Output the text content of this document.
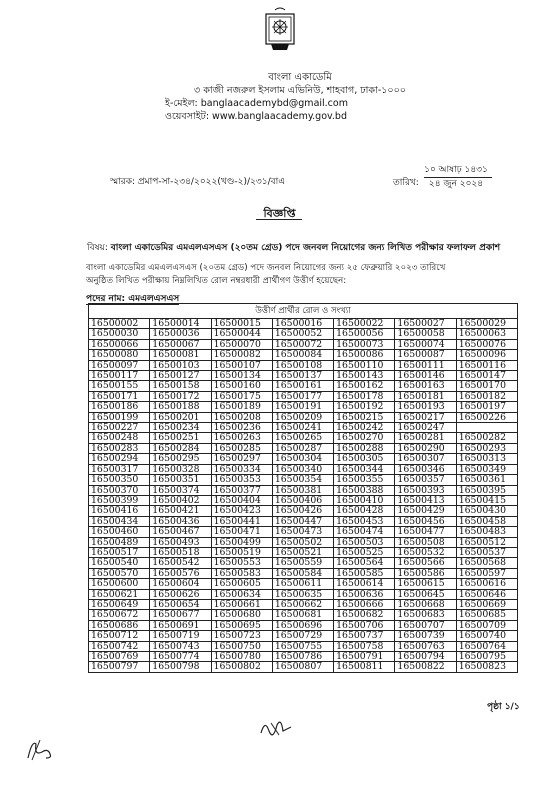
বাংলা একাডেমি
৩ কাজী নজরুল ইসলাম এভিনিউ, শাহবাগ, ঢাকা-১০০০
ই-মেইল: banglaacademybd@gmail.com
ওয়েবসাইট: www.banglaacademy.gov.bd
স্মারক: প্রমাপ-সা-২৩৪/২০২২(খণ্ড-২)/২৩১/বাএ	তারিখ:
১০ আষাঢ় ১৪৩১
২৪ জুন ২০২৪
বিজ্ঞপ্তি
বিষয়: বাংলা একাডেমির এমএলএসএস (২০তম গ্রেড) পদে জনবল নিয়োগের জন্য লিখিত পরীক্ষার ফলাফল প্রকাশ
বাংলা একাডেমির এমএলএসএস (২০তম গ্রেড) পদে জনবল নিয়োগের জন্য ২৫ ফেব্রুয়ারি ২০২৩ তারিখে অনুষ্ঠিত লিখিত পরীক্ষায় নিম্নলিখিত রোল নম্বরধারী প্রার্থীগণ উত্তীর্ণ হয়েছেন:
পদের নাম: এমএলএসএস
উত্তীর্ণ প্রার্থীর রোল ও সংখ্যা						
16500002	16500014	16500015	16500016	16500022	16500027	16500029
16500030	16500036	16500044	16500052	16500056	16500058	16500063
16500066	16500067	16500070	16500072	16500073	16500074	16500076
16500080	16500081	16500082	16500084	16500086	16500087	16500096
16500097	16500103	16500107	16500108	16500110	16500111	16500116
16500117	16500127	16500134	16500137	16500143	16500146	16500147
16500155	16500158	16500160	16500161	16500162	16500163	16500170
16500171	16500172	16500175	16500177	16500178	16500181	16500182
16500186	16500188	16500189	16500191	16500192	16500193	16500197
16500199	16500201	16500208	16500209	16500215	16500217	16500226
16500227	16500234	16500236	16500241	16500242	16500247	
16500248	16500251	16500263	16500265	16500270	16500281	16500282
16500283	16500284	16500285	16500287	16500288	16500290	16500293
16500294	16500295	16500297	16500304	16500305	16500307	16500313
16500317	16500328	16500334	16500340	16500344	16500346	16500349
16500350	16500351	16500353	16500354	16500355	16500357	16500361
16500370	16500374	16500377	16500381	16500388	16500393	16500395
16500399	16500402	16500404	16500406	16500410	16500413	16500415
16500416	16500421	16500423	16500426	16500428	16500429	16500430
16500434	16500436	16500441	16500447	16500453	16500456	16500458
16500460	16500467	16500471	16500473	16500474	16500477	16500483
16500489	16500493	16500499	16500502	16500503	16500508	16500512
16500517	16500518	16500519	16500521	16500525	16500532	16500537
16500540	16500542	16500553	16500559	16500564	16500566	16500568
16500570	16500576	16500583	16500584	16500585	16500586	16500597
16500600	16500604	16500605	16500611	16500614	16500615	16500616
16500621	16500626	16500634	16500635	16500636	16500645	16500646
16500649	16500654	16500661	16500662	16500666	16500668	16500669
16500672	16500677	16500680	16500681	16500682	16500683	16500685
16500686	16500691	16500695	16500696	16500706	16500707	16500709
16500712	16500719	16500723	16500729	16500737	16500739	16500740
16500742	16500743	16500750	16500755	16500758	16500763	16500764
16500769	16500774	16500780	16500786	16500791	16500794	16500795
16500797	16500798	16500802	16500807	16500811	16500822	16500823
পৃষ্ঠা ১/১
